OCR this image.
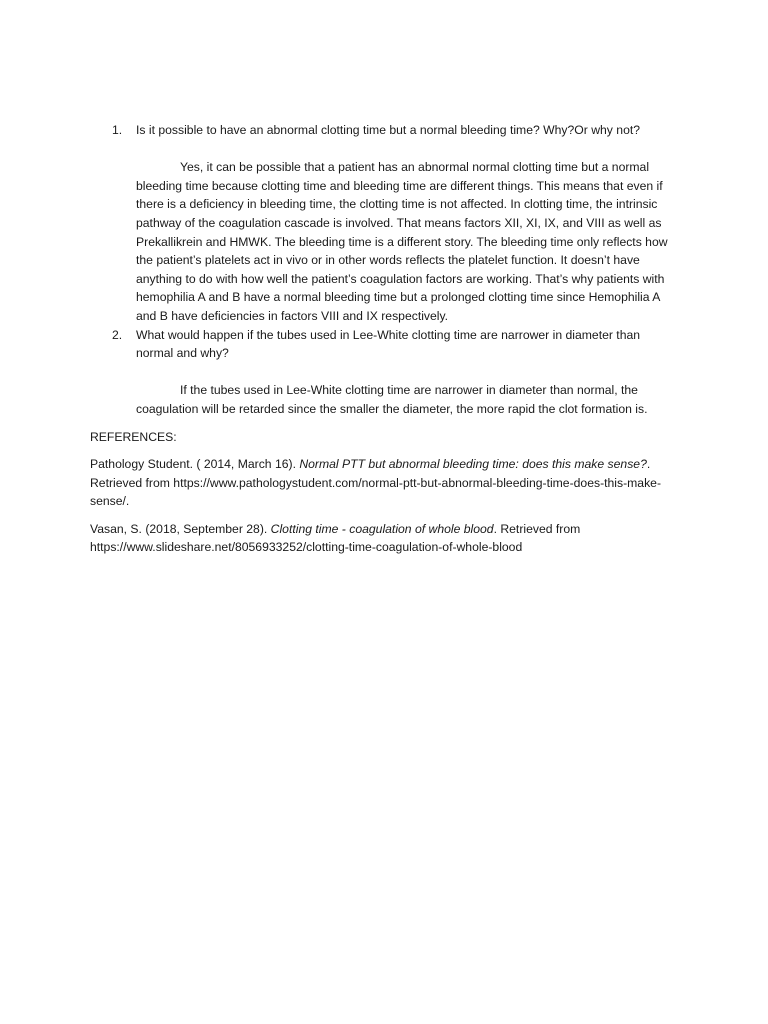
1. Is it possible to have an abnormal clotting time but a normal bleeding time? Why?Or why not?

Yes, it can be possible that a patient has an abnormal normal clotting time but a normal bleeding time because clotting time and bleeding time are different things. This means that even if there is a deficiency in bleeding time, the clotting time is not affected. In clotting time, the intrinsic pathway of the coagulation cascade is involved. That means factors XII, XI, IX, and VIII as well as Prekallikrein and HMWK. The bleeding time is a different story. The bleeding time only reflects how the patient’s platelets act in vivo or in other words reflects the platelet function. It doesn’t have anything to do with how well the patient’s coagulation factors are working. That’s why patients with hemophilia A and B have a normal bleeding time but a prolonged clotting time since Hemophilia A and B have deficiencies in factors VIII and IX respectively.

2. What would happen if the tubes used in Lee-White clotting time are narrower in diameter than normal and why?

If the tubes used in Lee-White clotting time are narrower in diameter than normal, the coagulation will be retarded since the smaller the diameter, the more rapid the clot formation is.

REFERENCES:

Pathology Student. ( 2014, March 16). Normal PTT but abnormal bleeding time: does this make sense?. Retrieved from https://www.pathologystudent.com/normal-ptt-but-abnormal-bleeding-time-does-this-make-sense/.

Vasan, S. (2018, September 28). Clotting time - coagulation of whole blood. Retrieved from https://www.slideshare.net/8056933252/clotting-time-coagulation-of-whole-blood
